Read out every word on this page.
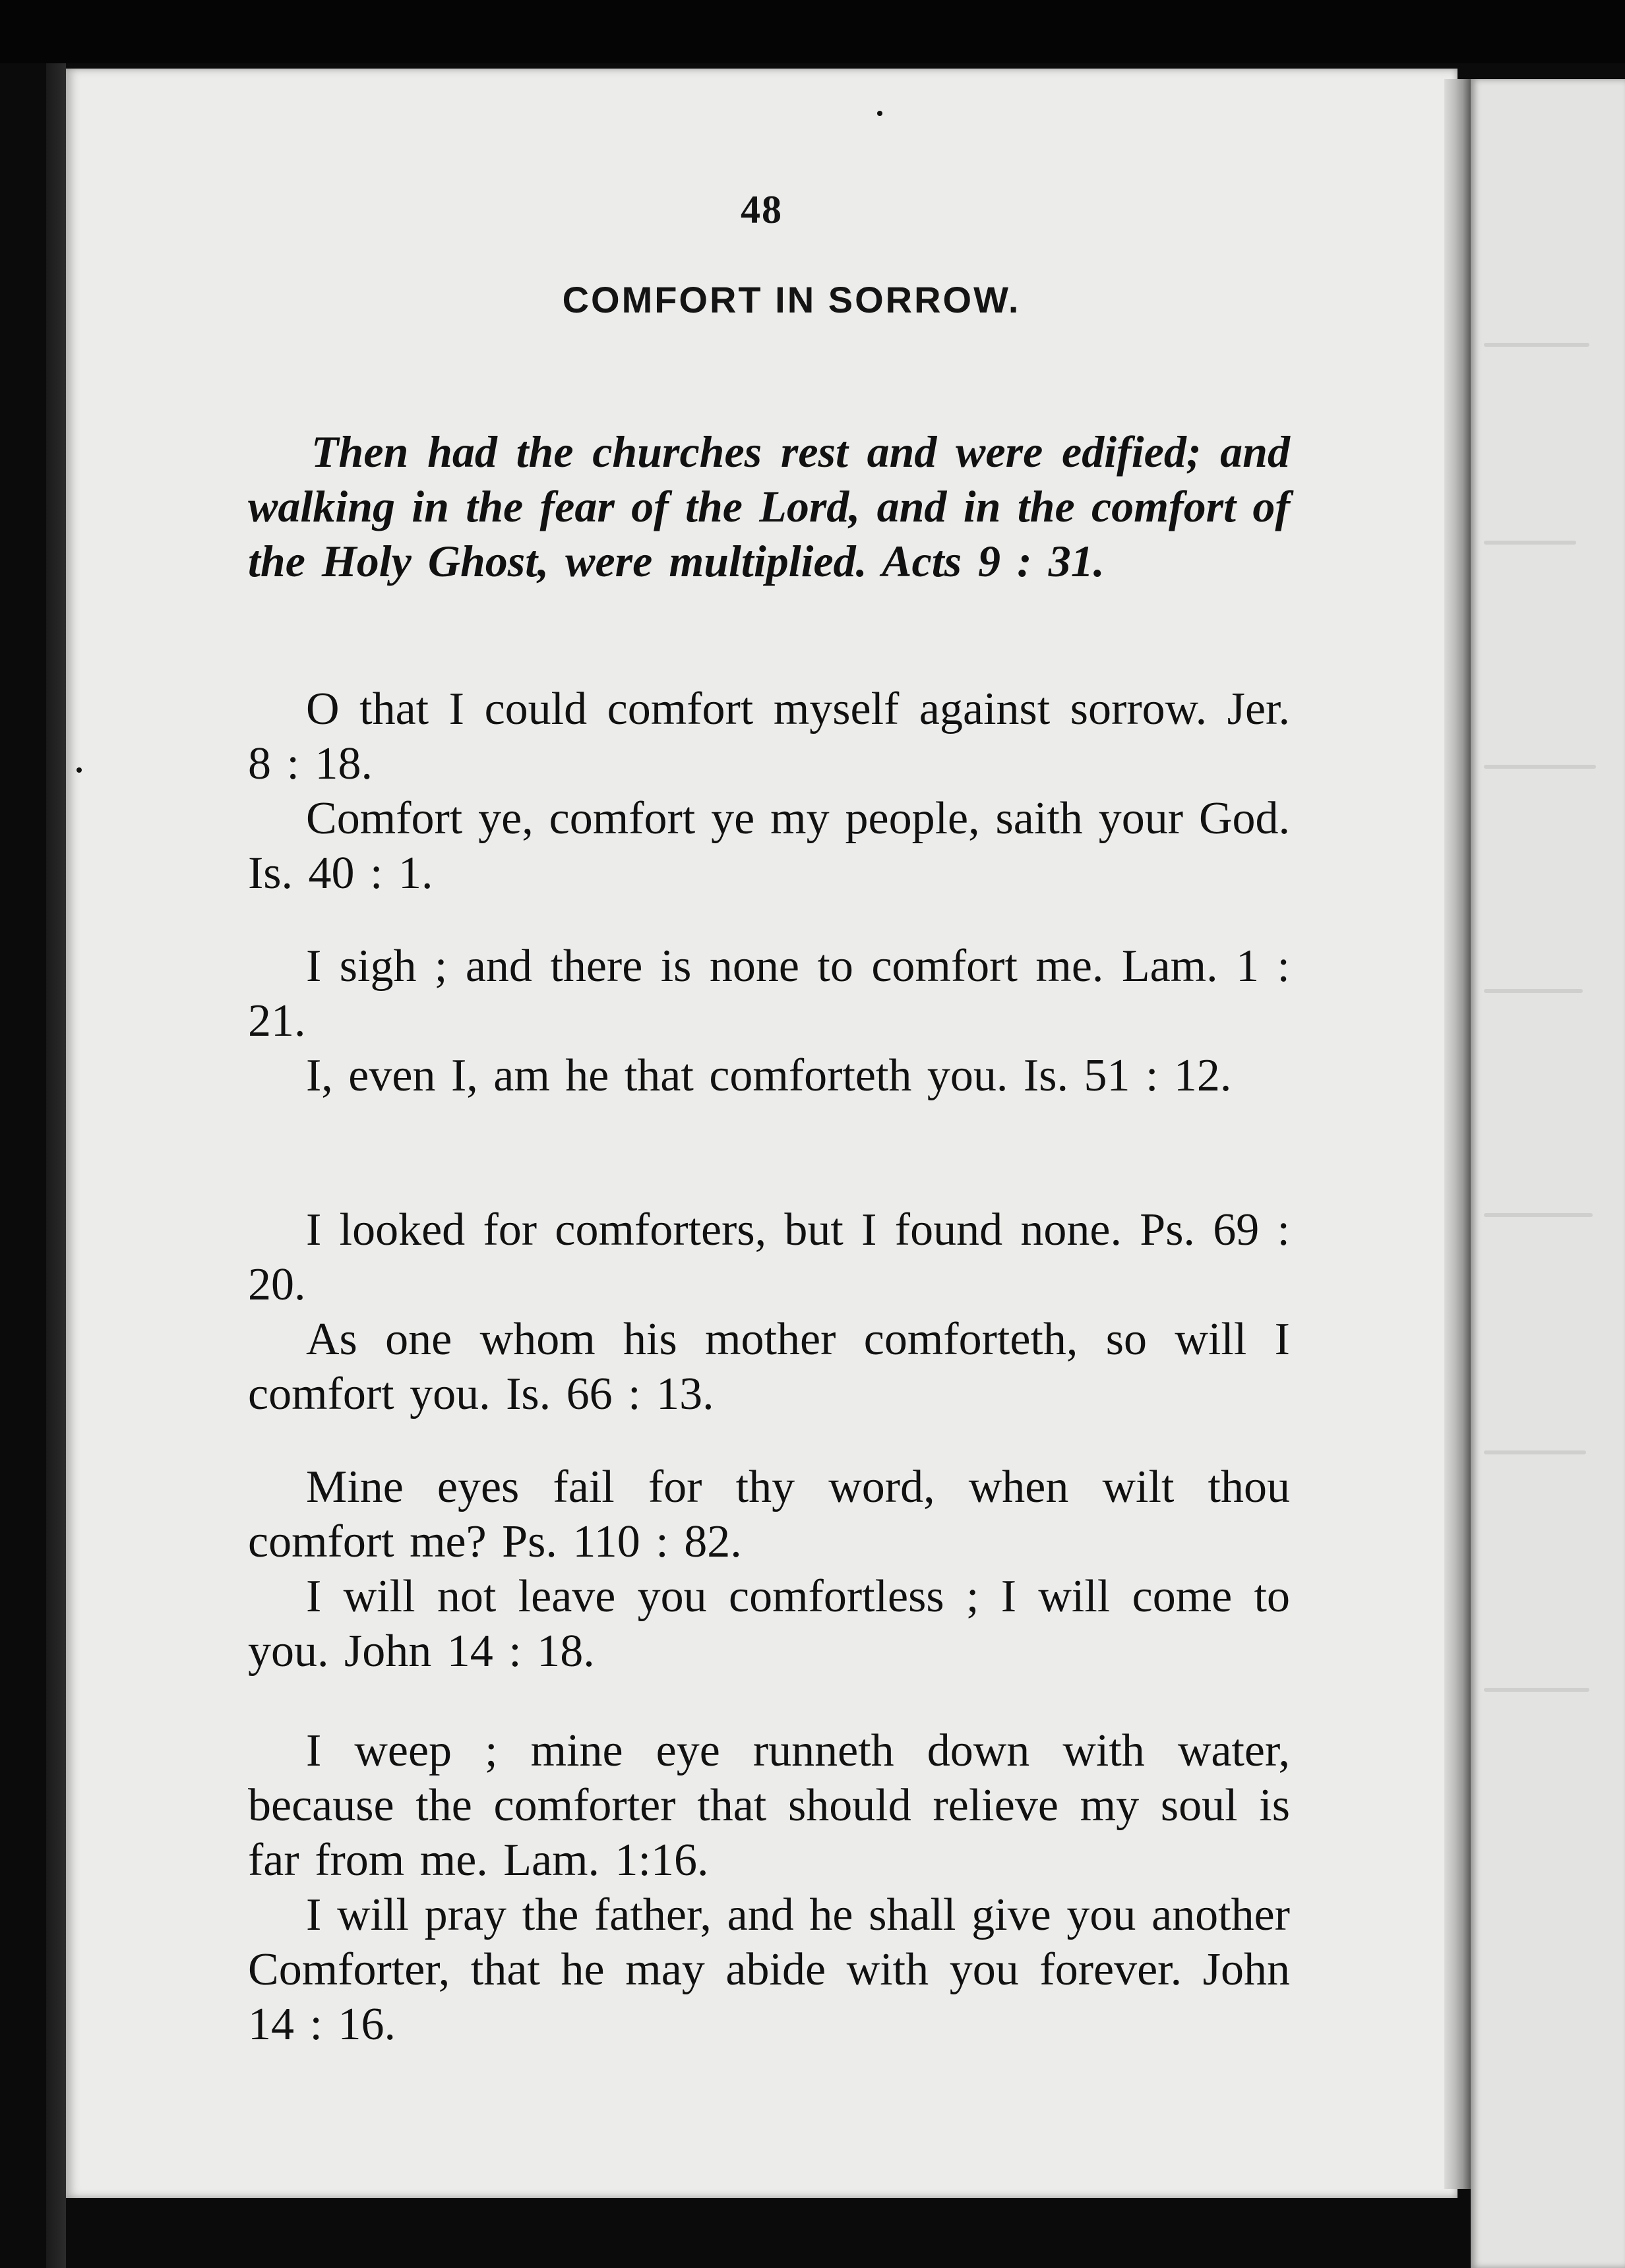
48
COMFORT IN SORROW.
Then had the churches rest and were edified; and walking in the fear of the Lord, and in the comfort of the Holy Ghost, were multiplied. Acts 9 : 31.

O that I could comfort myself against sorrow. Jer. 8 : 18.

Comfort ye, comfort ye my people, saith your God. Is. 40 : 1.

I sigh ; and there is none to comfort me. Lam. 1 : 21.

I, even I, am he that comforteth you. Is. 51 : 12.

I looked for comforters, but I found none. Ps. 69 : 20.

As one whom his mother comforteth, so will I comfort you. Is. 66 : 13.

Mine eyes fail for thy word, when wilt thou comfort me? Ps. 110 : 82.

I will not leave you comfortless ; I will come to you. John 14 : 18.

I weep ; mine eye runneth down with water, because the comforter that should relieve my soul is far from me. Lam. 1:16.

I will pray the father, and he shall give you another Comforter, that he may abide with you forever. John 14 : 16.
